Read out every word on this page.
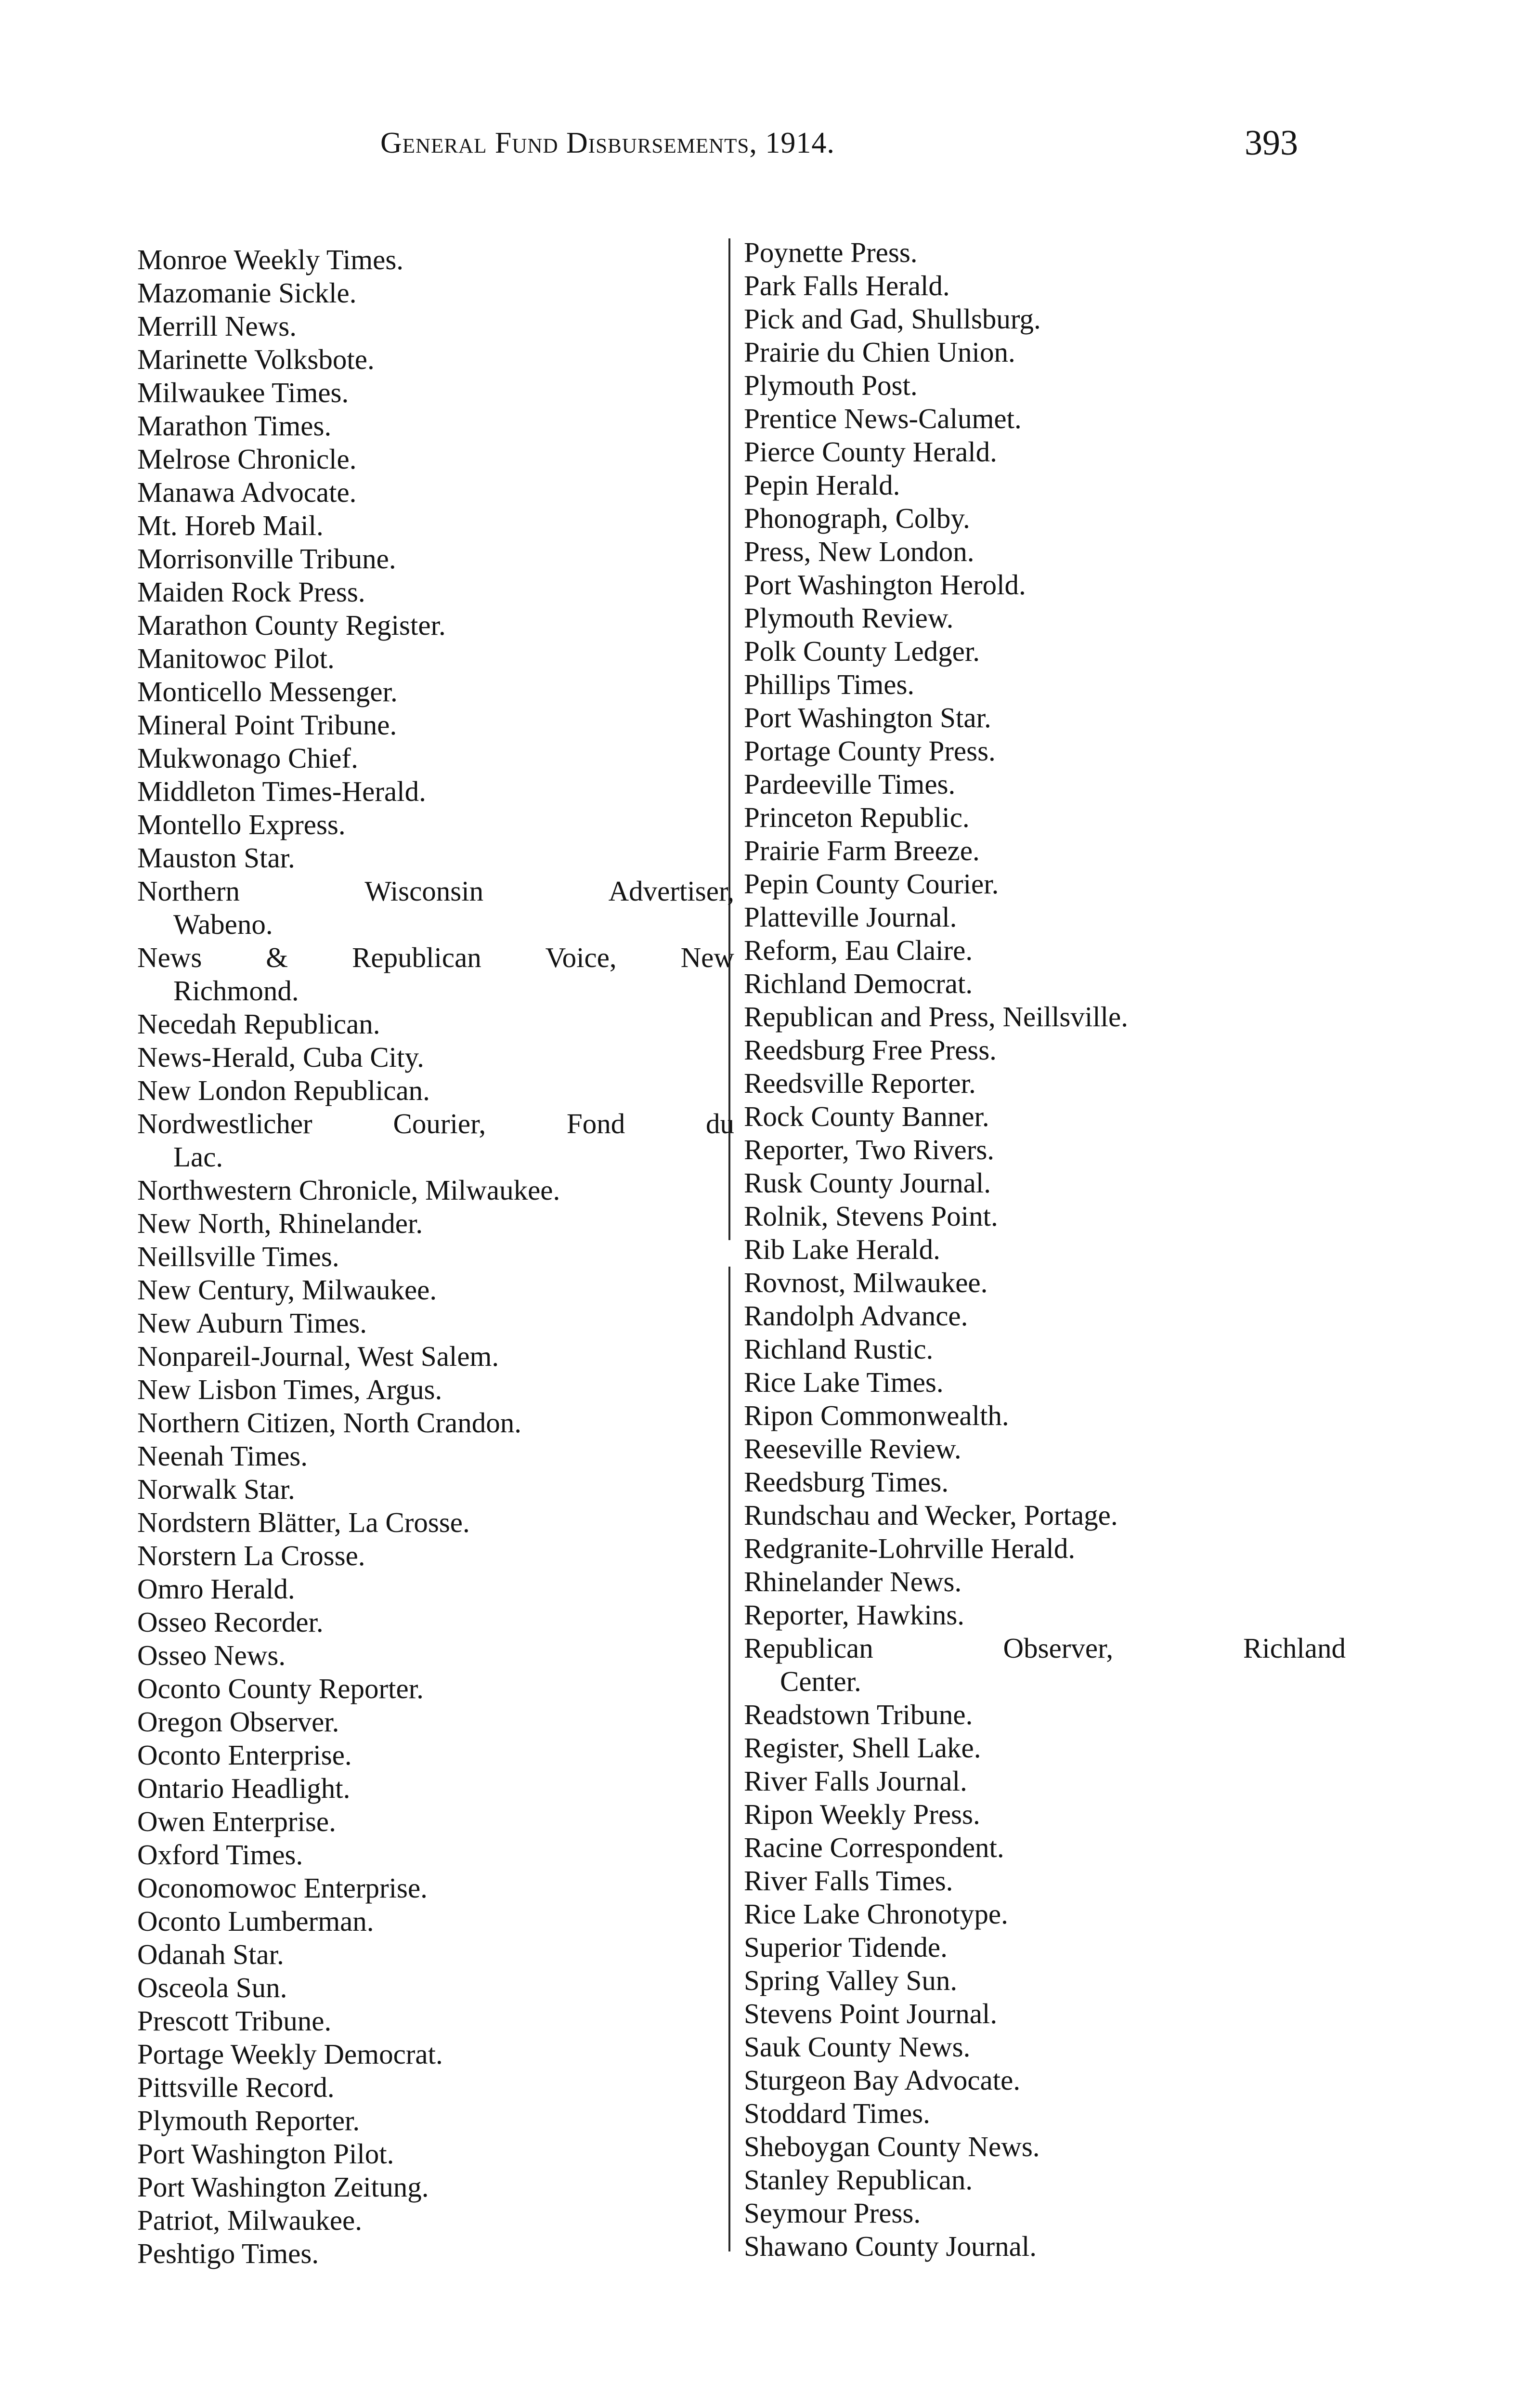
General Fund Disbursements, 1914.	393
Monroe Weekly Times.
Mazomanie Sickle.
Merrill News.
Marinette Volksbote.
Milwaukee Times.
Marathon Times.
Melrose Chronicle.
Manawa Advocate.
Mt. Horeb Mail.
Morrisonville Tribune.
Maiden Rock Press.
Marathon County Register.
Manitowoc Pilot.
Monticello Messenger.
Mineral Point Tribune.
Mukwonago Chief.
Middleton Times-Herald.
Montello Express.
Mauston Star.
Northern	Wisconsin	Advertiser,
Wabeno.
News & Republican Voice, New
Richmond.
Necedah Republican.
News-Herald, Cuba City.
New London Republican.
Nordwestlicher	Courier,	Fond	du
Lac.
Northwestern Chronicle, Milwaukee.
New North, Rhinelander.
Neillsville Times.
New Century, Milwaukee.
New Auburn Times.
Nonpareil-Journal, West Salem.
New Lisbon Times, Argus.
Northern Citizen, North Crandon.
Neenah Times.
Norwalk Star.
Nordstern Blätter, La Crosse.
Norstern La Crosse.
Omro Herald.
Osseo Recorder.
Osseo News.
Oconto County Reporter.
Oregon Observer.
Oconto Enterprise.
Ontario Headlight.
Owen Enterprise.
Oxford Times.
Oconomowoc Enterprise.
Oconto Lumberman.
Odanah Star.
Osceola Sun.
Prescott Tribune.
Portage Weekly Democrat.
Pittsville Record.
Plymouth Reporter.
Port Washington Pilot.
Port Washington Zeitung.
Patriot, Milwaukee.
Peshtigo Times.
Poynette Press.
Park Falls Herald.
Pick and Gad, Shullsburg.
Prairie du Chien Union.
Plymouth Post.
Prentice News-Calumet.
Pierce County Herald.
Pepin Herald.
Phonograph, Colby.
Press, New London.
Port Washington Herold.
Plymouth Review.
Polk County Ledger.
Phillips Times.
Port Washington Star.
Portage County Press.
Pardeeville Times.
Princeton Republic.
Prairie Farm Breeze.
Pepin County Courier.
Platteville Journal.
Reform, Eau Claire.
Richland Democrat.
Republican and Press, Neillsville.
Reedsburg Free Press.
Reedsville Reporter.
Rock County Banner.
Reporter, Two Rivers.
Rusk County Journal.
Rolnik, Stevens Point.
Rib Lake Herald.
Rovnost, Milwaukee.
Randolph Advance.
Richland Rustic.
Rice Lake Times.
Ripon Commonwealth.
Reeseville Review.
Reedsburg Times.
Rundschau and Wecker, Portage.
Redgranite-Lohrville Herald.
Rhinelander News.
Reporter, Hawkins.
Republican	Observer,	Richland
Center.
Readstown Tribune.
Register, Shell Lake.
River Falls Journal.
Ripon Weekly Press.
Racine Correspondent.
River Falls Times.
Rice Lake Chronotype.
Superior Tidende.
Spring Valley Sun.
Stevens Point Journal.
Sauk County News.
Sturgeon Bay Advocate.
Stoddard Times.
Sheboygan County News.
Stanley Republican.
Seymour Press.
Shawano County Journal.
